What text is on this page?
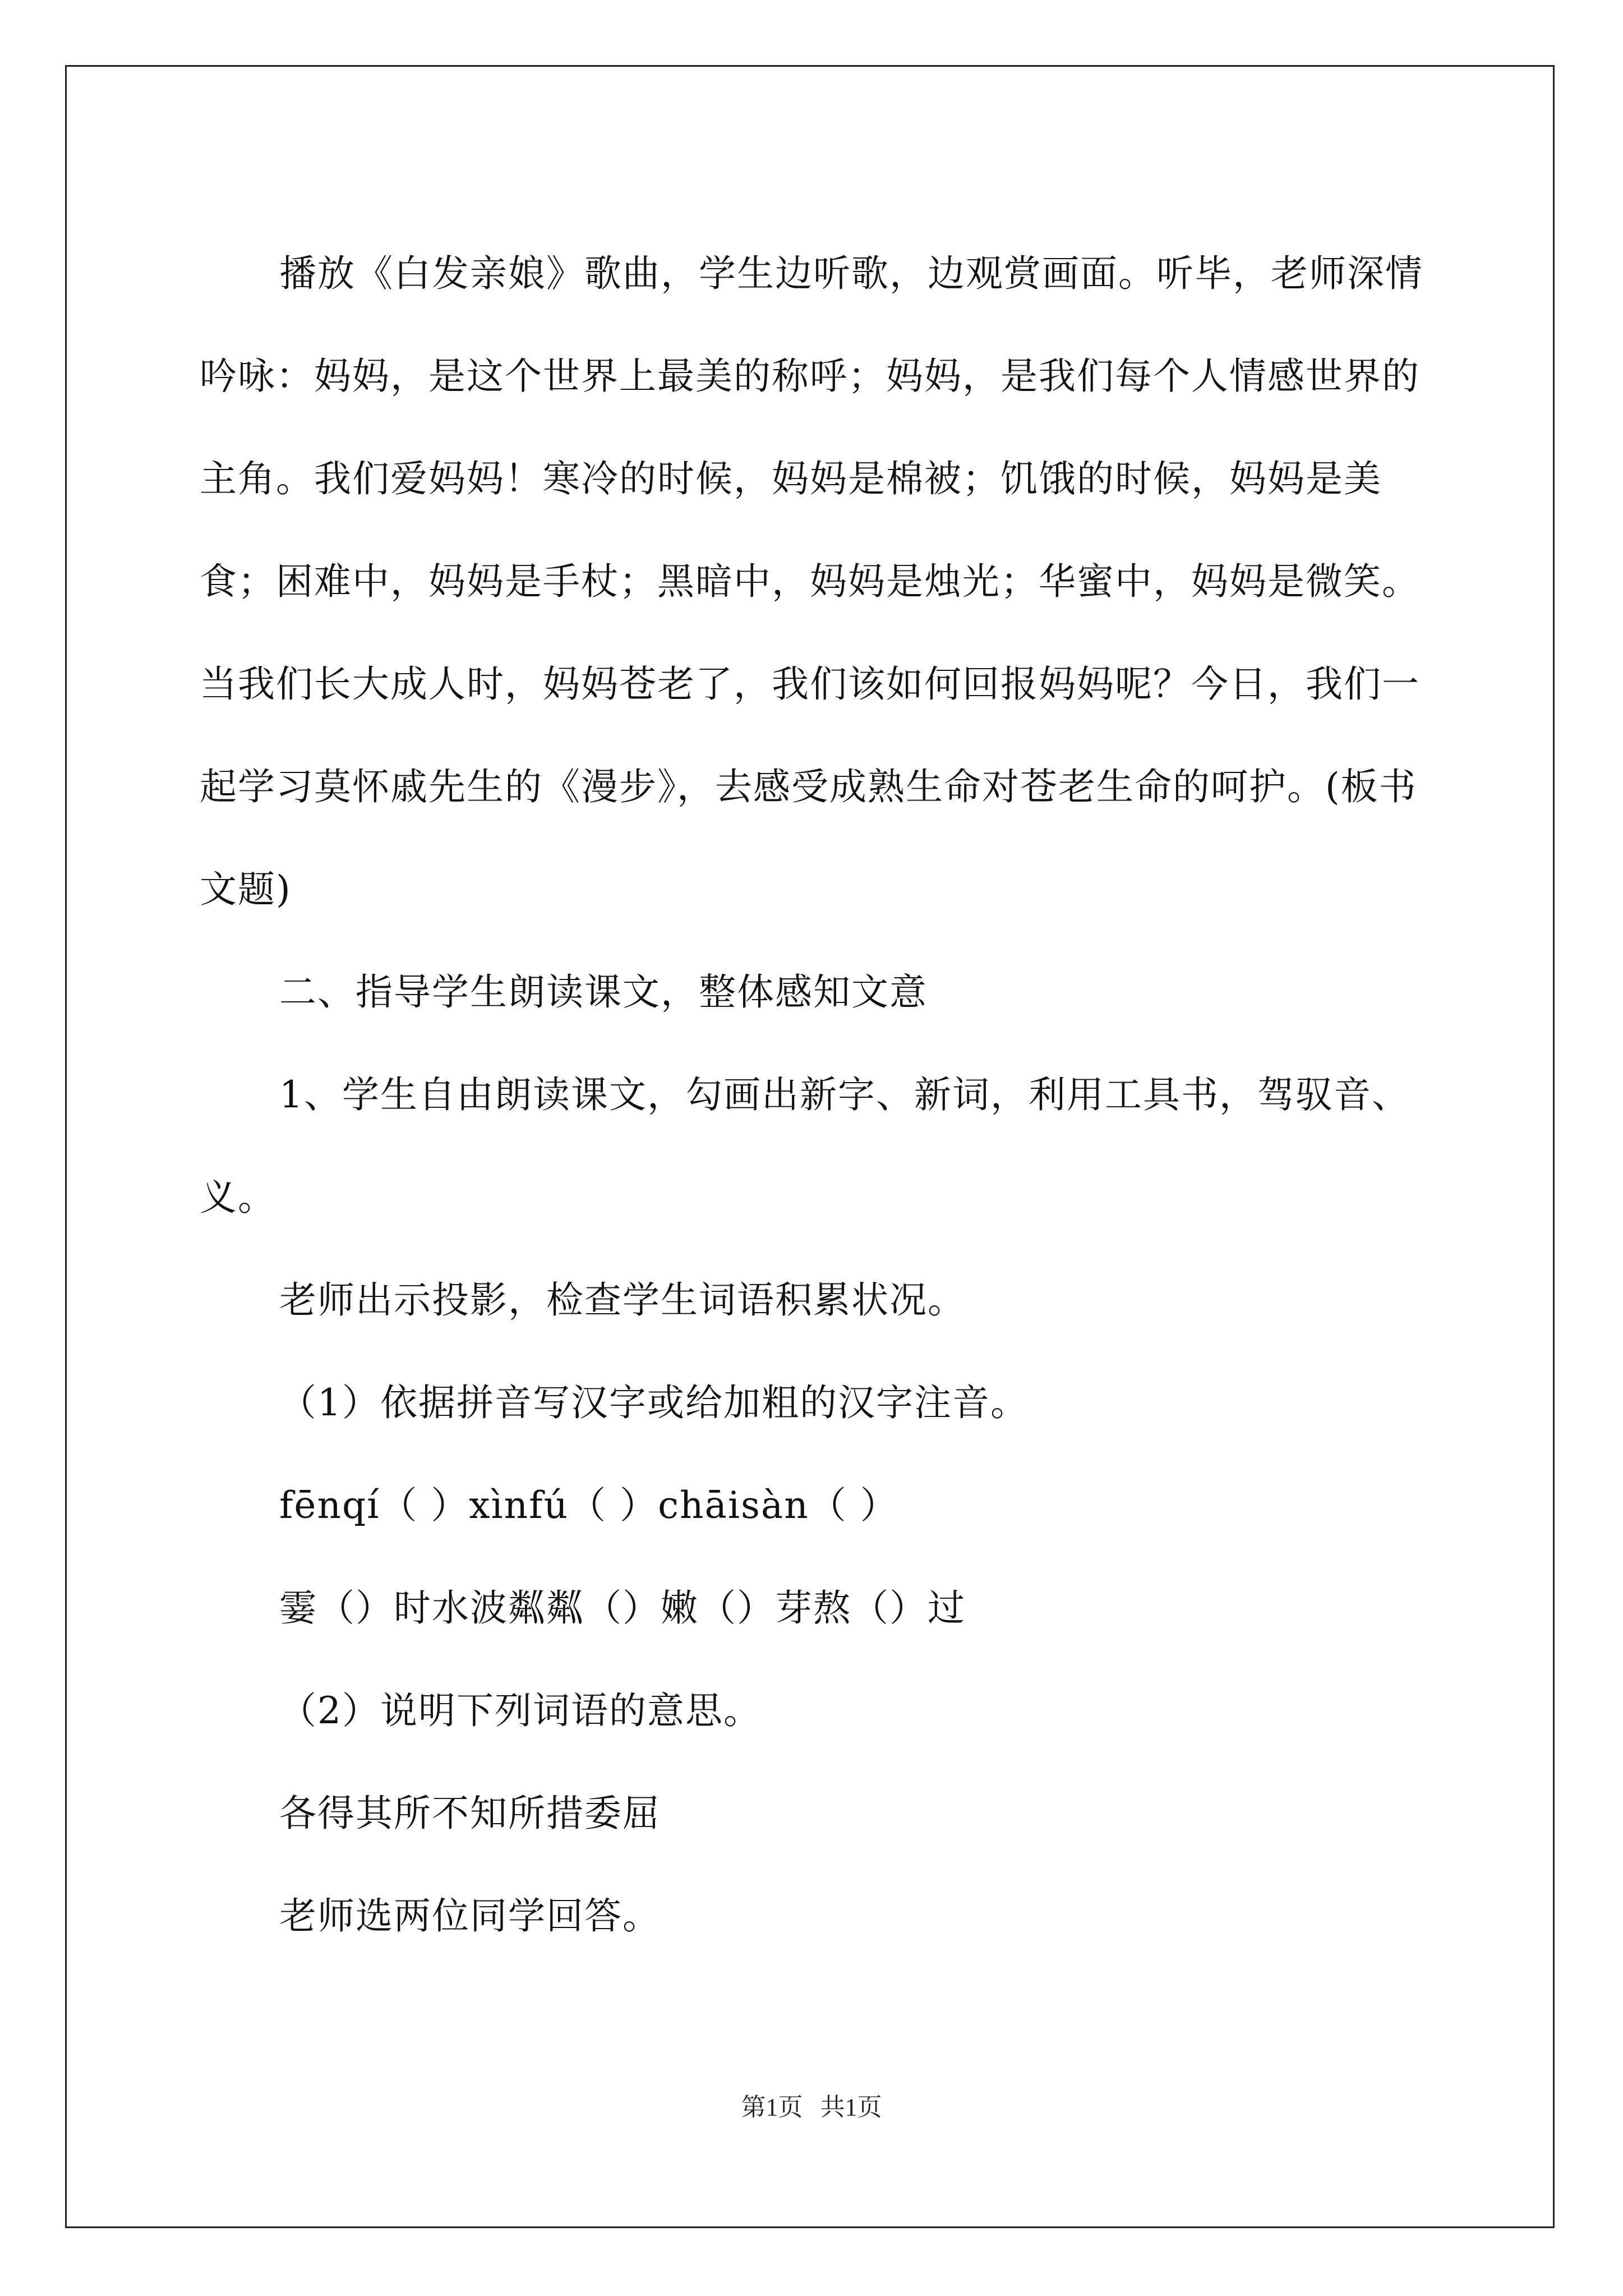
播放《白发亲娘》歌曲，学生边听歌，边观赏画面。听毕，老师深情吟咏：妈妈，是这个世界上最美的称呼；妈妈，是我们每个人情感世界的主角。我们爱妈妈！寒冷的时候，妈妈是棉被；饥饿的时候，妈妈是美食；困难中，妈妈是手杖；黑暗中，妈妈是烛光；华蜜中，妈妈是微笑。当我们长大成人时，妈妈苍老了，我们该如何回报妈妈呢？今日，我们一起学习莫怀戚先生的《漫步》，去感受成熟生命对苍老生命的呵护。(板书文题)

二、指导学生朗读课文，整体感知文意

1、学生自由朗读课文，勾画出新字、新词，利用工具书，驾驭音、义。

老师出示投影，检查学生词语积累状况。

（1）依据拼音写汉字或给加粗的汉字注音。

fēnqí（ ）xìnfú（ ）chāisàn（ ）

霎（）时水波粼粼（）嫩（）芽熬（）过

（2）说明下列词语的意思。

各得其所不知所措委屈

老师选两位同学回答。

第1页 共1页
